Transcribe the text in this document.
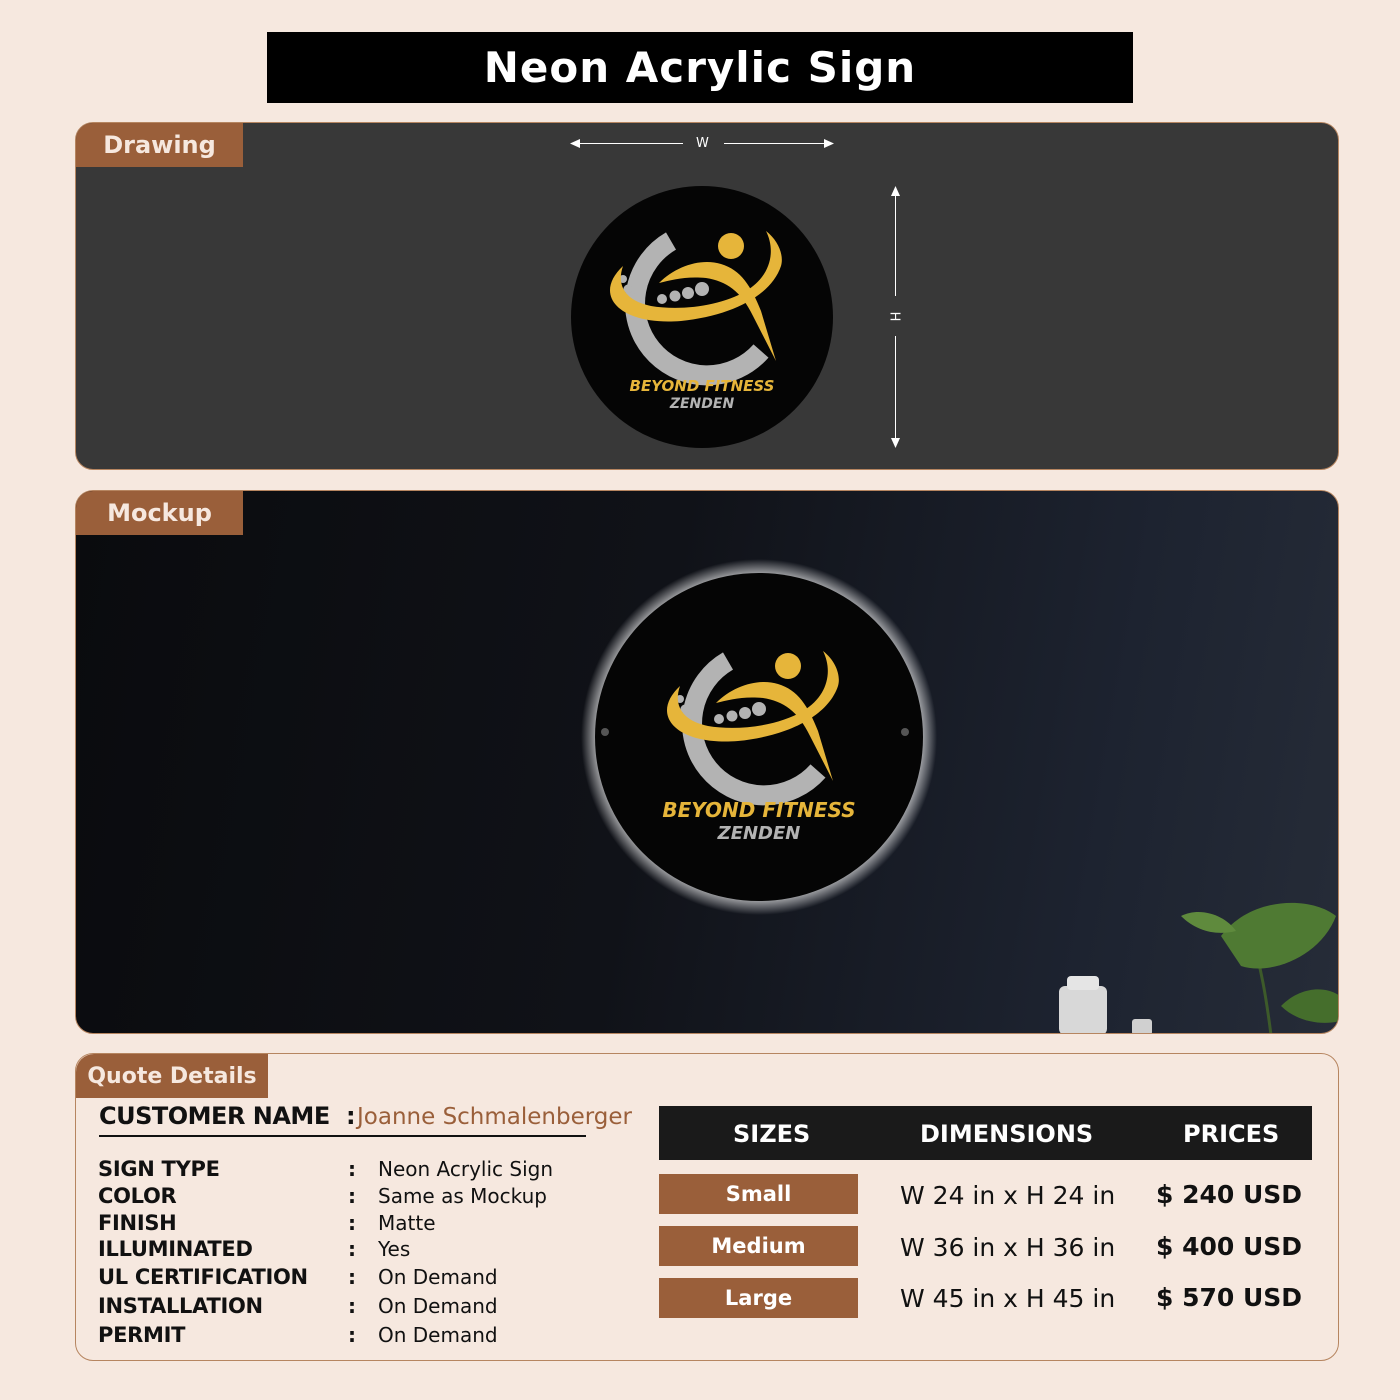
Neon Acrylic Sign
Drawing	W
H
BEYOND FITNESS
ZENDEN
Mockup
BEYOND FITNESS
ZENDEN
Quote Details
CUSTOMER NAME : Joanne Schmalenberger
SIGN TYPE	: Neon Acrylic Sign
COLOR	: Same as Mockup
FINISH	: Matte
ILLUMINATED	: Yes
UL CERTIFICATION : On Demand
INSTALLATION	: On Demand
PERMIT	: On Demand
SIZES	DIMENSIONS	PRICES
Small	W 24 in x H 24 in $ 240 USD
Medium	W 36 in x H 36 in $ 400 USD
Large	W 45 in x H 45 in $ 570 USD
